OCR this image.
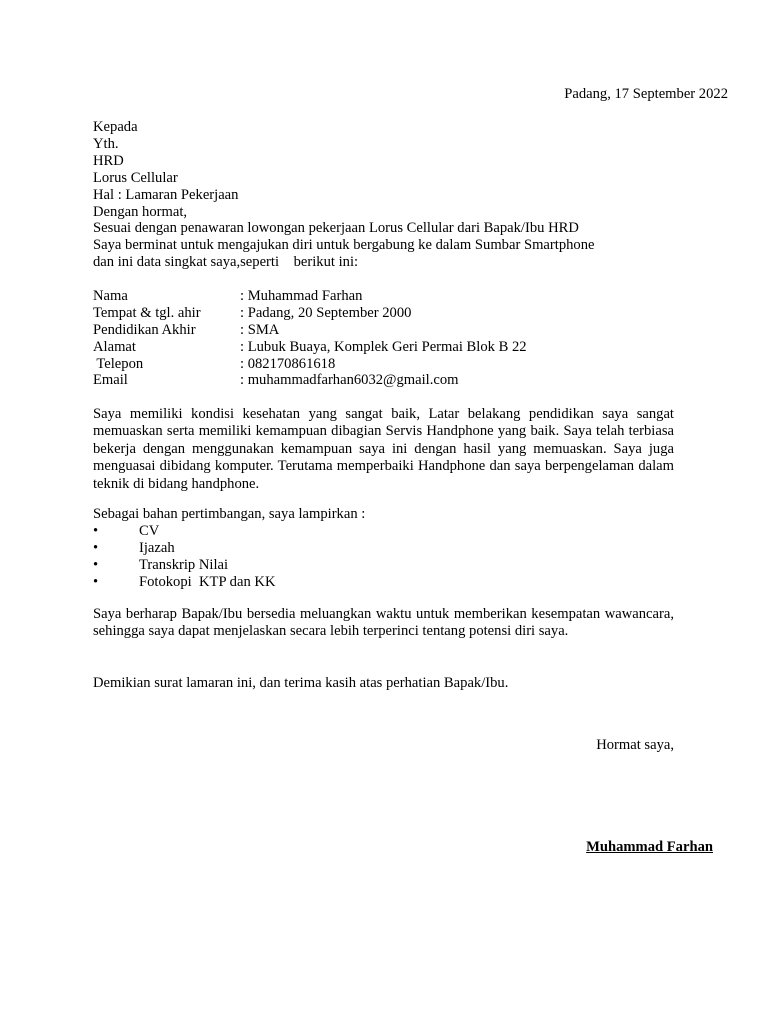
Padang, 17 September 2022
Kepada
Yth.
HRD
Lorus Cellular
Hal : Lamaran Pekerjaan
Dengan hormat,
Sesuai dengan penawaran lowongan pekerjaan Lorus Cellular dari Bapak/Ibu HRD
Saya berminat untuk mengajukan diri untuk bergabung ke dalam Sumbar Smartphone
dan ini data singkat saya,seperti    berikut ini:
Nama	: Muhammad Farhan
Tempat & tgl. ahir	: Padang, 20 September 2000
Pendidikan Akhir	: SMA
Alamat	: Lubuk Buaya, Komplek Geri Permai Blok B 22
Telepon	: 082170861618
Email	: muhammadfarhan6032@gmail.com

Saya memiliki kondisi kesehatan yang sangat baik, Latar belakang pendidikan saya sangat memuaskan serta memiliki kemampuan dibagian Servis Handphone yang baik. Saya telah terbiasa bekerja dengan menggunakan kemampuan saya ini dengan hasil yang memuaskan. Saya juga menguasai dibidang komputer. Terutama memperbaiki Handphone dan saya berpengelaman dalam teknik di bidang handphone.

Sebagai bahan pertimbangan, saya lampirkan :
•	CV
•	Ijazah
•	Transkrip Nilai
•	Fotokopi  KTP dan KK

Saya berharap Bapak/Ibu bersedia meluangkan waktu untuk memberikan kesempatan wawancara, sehingga saya dapat menjelaskan secara lebih terperinci tentang potensi diri saya.

Demikian surat lamaran ini, dan terima kasih atas perhatian Bapak/Ibu.
Hormat saya,
Muhammad Farhan
